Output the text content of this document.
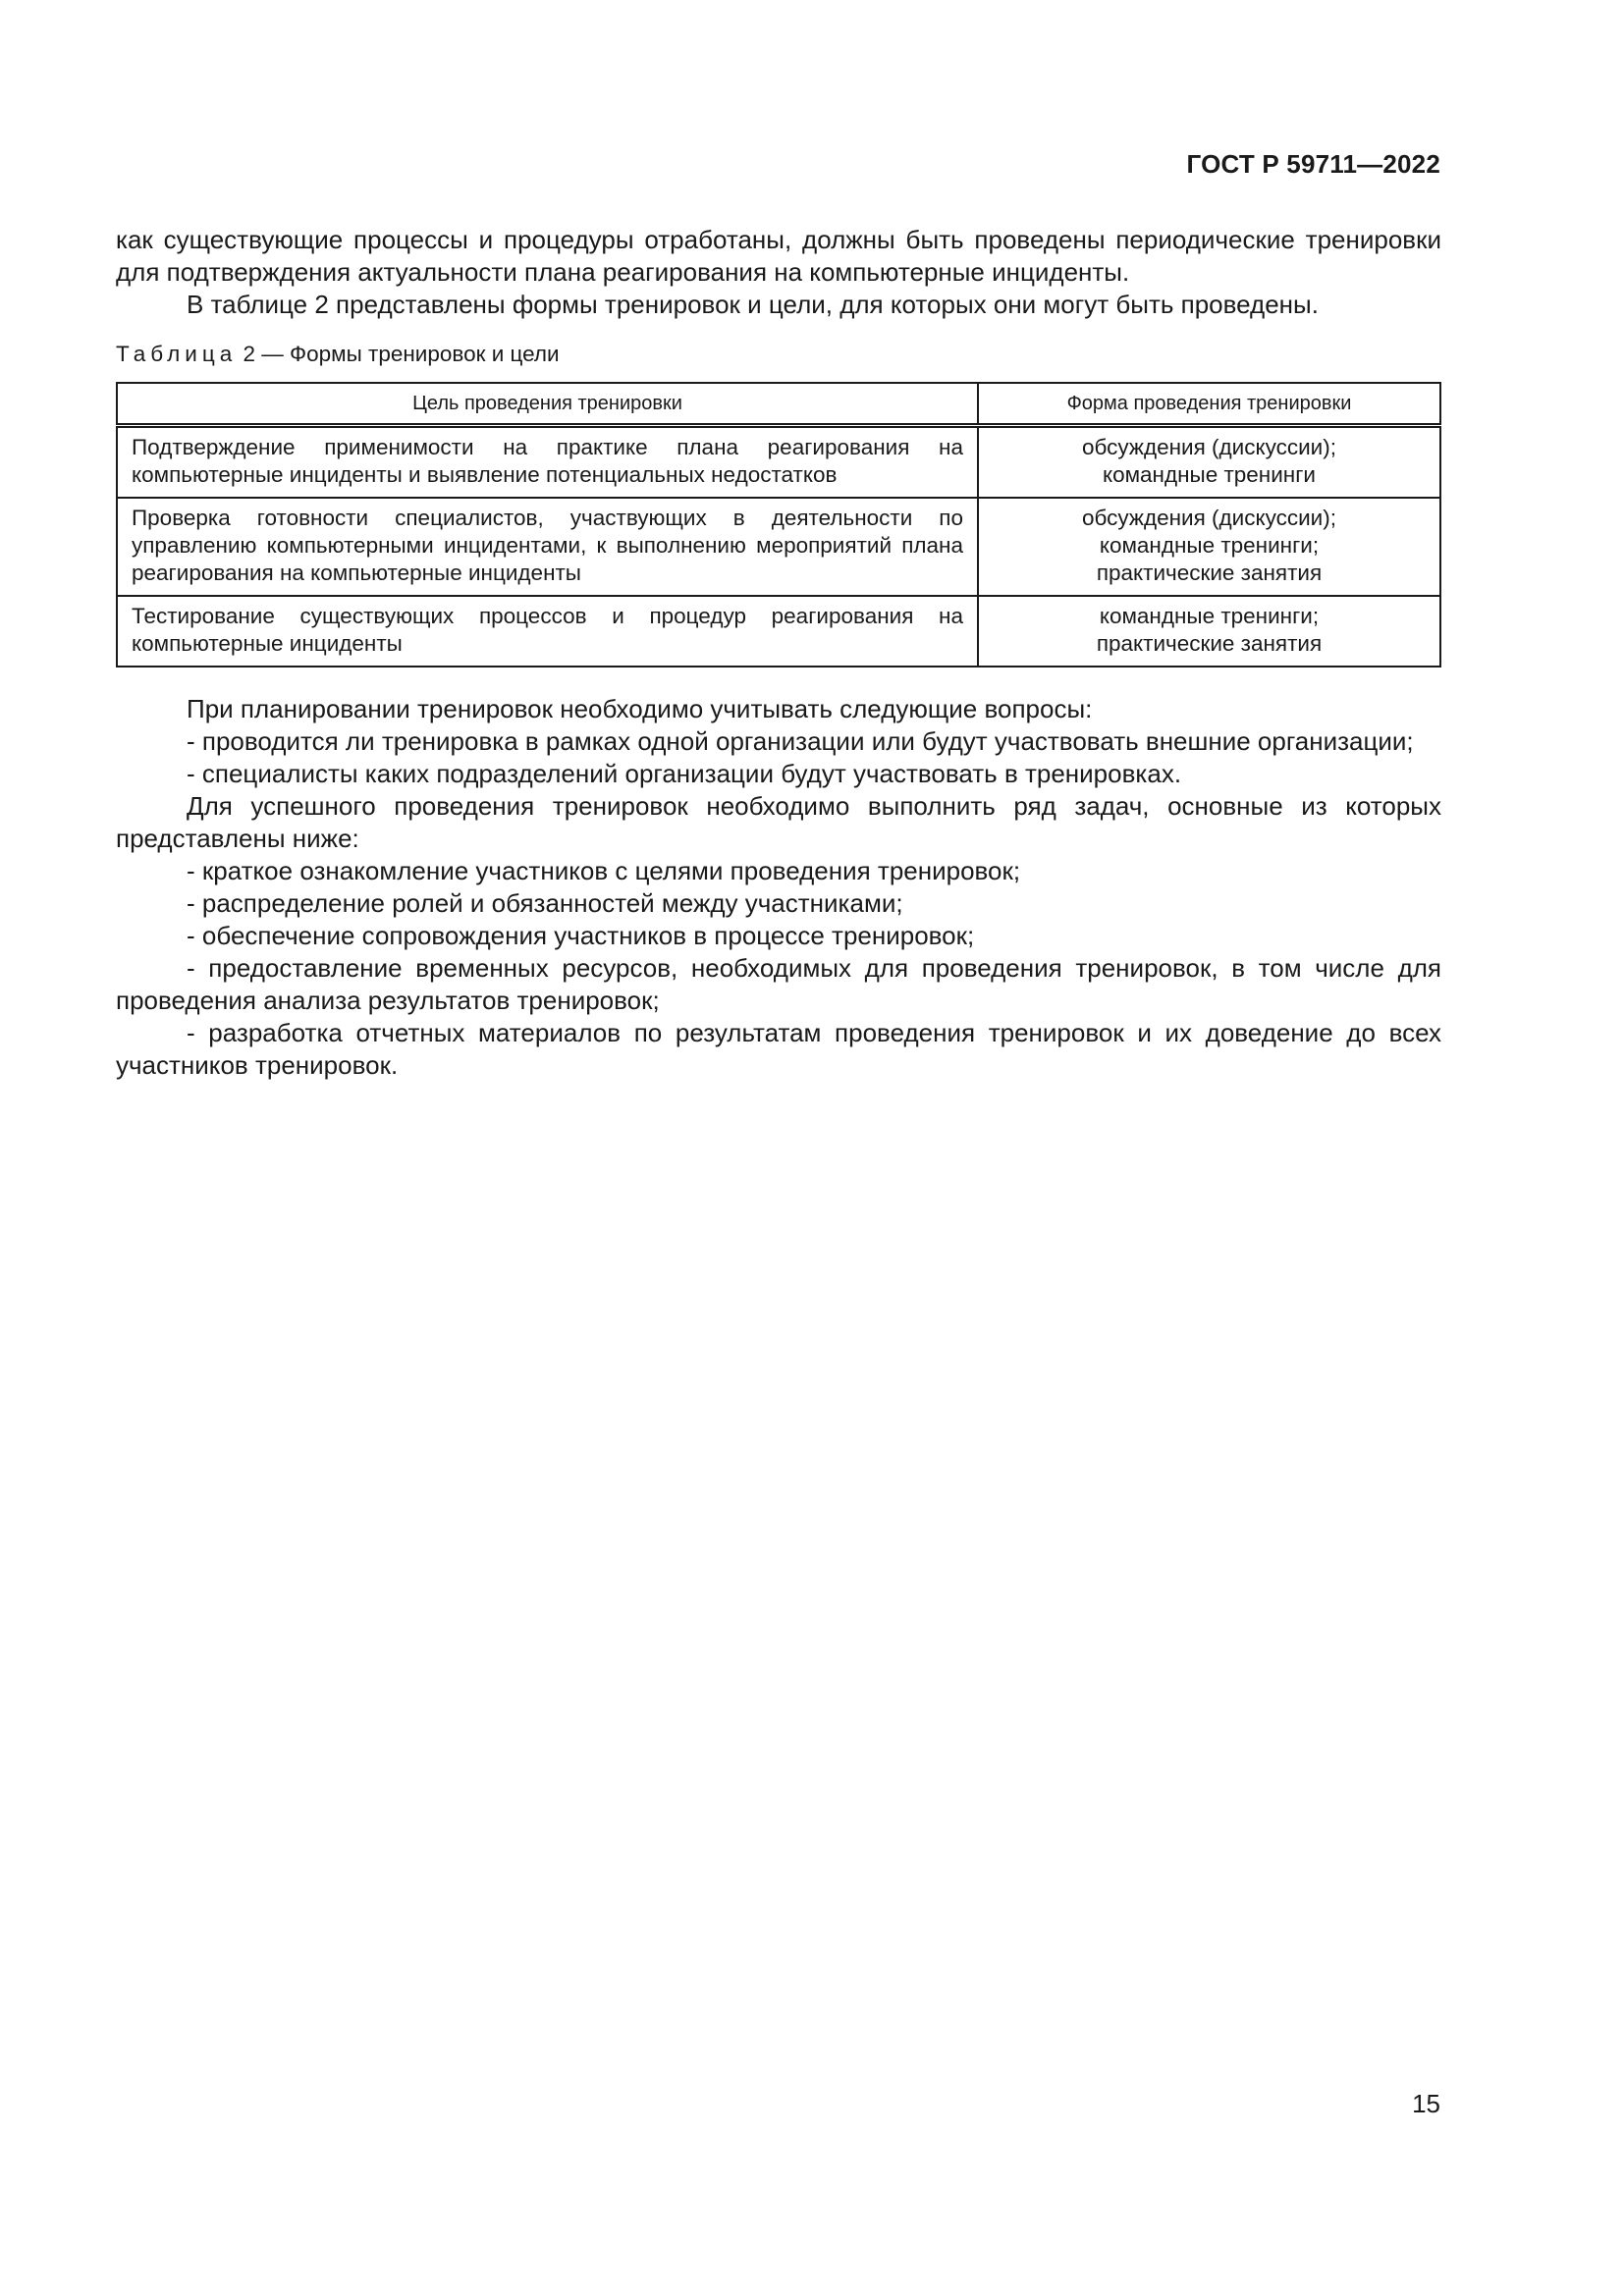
ГОСТ Р 59711—2022

как существующие процессы и процедуры отработаны, должны быть проведены периодические тренировки для подтверждения актуальности плана реагирования на компьютерные инциденты.

В таблице 2 представлены формы тренировок и цели, для которых они могут быть проведены.

Таблица 2 — Формы тренировок и цели
Цель проведения тренировки	Форма проведения тренировки
Подтверждение применимости на практике плана реагирования на компьютерные инциденты и выявление потенциальных недостатков	обсуждения (дискуссии);
командные тренинги

Проверка готовности специалистов, участвующих в деятельности по управлению компьютерными инцидентами, к выполнению мероприятий плана реагирования на компьютерные инциденты	обсуждения (дискуссии);
командные тренинги;
практические занятия

Тестирование существующих процессов и процедур реагирования на компьютерные инциденты	командные тренинги;
практические занятия

При планировании тренировок необходимо учитывать следующие вопросы:

- проводится ли тренировка в рамках одной организации или будут участвовать внешние организации;

- специалисты каких подразделений организации будут участвовать в тренировках.

Для успешного проведения тренировок необходимо выполнить ряд задач, основные из которых представлены ниже:

- краткое ознакомление участников с целями проведения тренировок;

- распределение ролей и обязанностей между участниками;

- обеспечение сопровождения участников в процессе тренировок;

- предоставление временных ресурсов, необходимых для проведения тренировок, в том числе для проведения анализа результатов тренировок;

- разработка отчетных материалов по результатам проведения тренировок и их доведение до всех участников тренировок.

15
